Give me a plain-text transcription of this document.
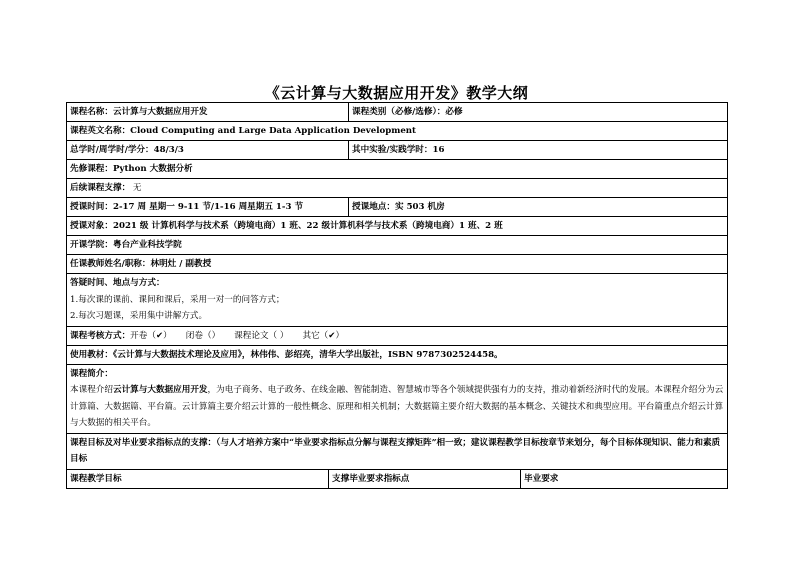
《云计算与大数据应用开发》教学大纲
课程名称：云计算与大数据应用开发		课程类别（必修/选修）：必修	
课程英文名称：Cloud Computing and Large Data Application Development			
总学时/周学时/学分：48/3/3		其中实验/实践学时：16	
先修课程：Python 大数据分析			
后续课程支撑： 无			
授课时间：2-17 周 星期一 9-11 节/1-16 周星期五 1-3 节		授课地点：实 503 机房	
授课对象：2021 级 计算机科学与技术系（跨境电商）1 班、22 级计算机科学与技术系（跨境电商）1 班、2 班			
开课学院：粤台产业科技学院			
任课教师姓名/职称：林明灶 / 副教授			

答疑时间、地点与方式：
1.每次课的课前、课间和课后，采用一对一的问答方式；
2.每次习题课，采用集中讲解方式。			

课程考核方式：开卷（✔） 闭卷（） 课程论文（ ） 其它（✔）			
使用教材：《云计算与大数据技术理论及应用》，林伟伟、彭绍亮，清华大学出版社，ISBN 9787302524458。			

课程简介：
本课程介绍云计算与大数据应用开发，为电子商务、电子政务、在线金融、智能制造、智慧城市等各个领域提供强有力的支持，推动着新经济时代的发展。本课程介绍分为云计算篇、大数据篇、平台篇。云计算篇主要介绍云计算的一般性概念、原理和相关机制；大数据篇主要介绍大数据的基本概念、关键技术和典型应用。平台篇重点介绍云计算与大数据的相关平台。			

课程目标及对毕业要求指标点的支撑：（与人才培养方案中“毕业要求指标点分解与课程支撑矩阵”相一致；建议课程教学目标按章节来划分，每个目标体现知识、能力和素质目标			

课程教学目标	支撑毕业要求指标点		毕业要求
